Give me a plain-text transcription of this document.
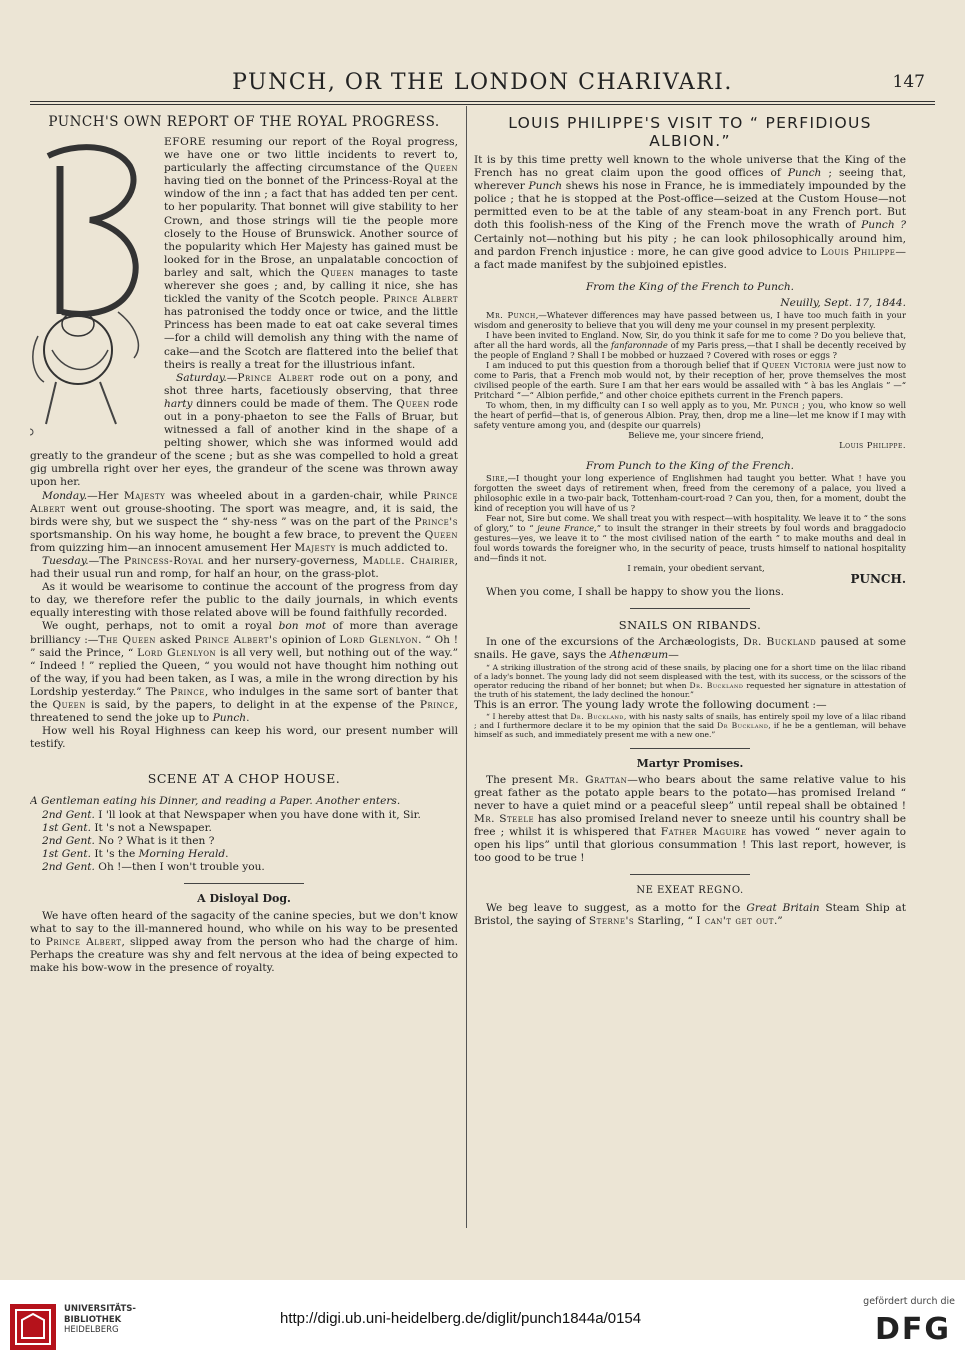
PUNCH, OR THE LONDON CHARIVARI.	147
PUNCH'S OWN REPORT OF THE ROYAL PROGRESS.

EFORE resuming our report of the Royal progress, we have one or two little incidents to revert to, particularly the affecting circumstance of the Queen having tied on the bonnet of the Princess-Royal at the window of the inn ; a fact that has added ten per cent. to her popularity. That bonnet will give stability to her Crown, and those strings will tie the people more closely to the House of Brunswick. Another source of the popularity which Her Majesty has gained must be looked for in the Brose, an unpalatable concoction of barley and salt, which the Queen manages to taste wherever she goes ; and, by calling it nice, she has tickled the vanity of the Scotch people. Prince Albert has patronised the toddy once or twice, and the little Princess has been made to eat oat cake several times—for a child will demolish any thing with the name of cake—and the Scotch are flattered into the belief that theirs is really a treat for the illustrious infant.

Saturday.—Prince Albert rode out on a pony, and shot three harts, facetiously observing, that three harty dinners could be made of them. The Queen rode out in a pony-phaeton to see the Falls of Bruar, but witnessed a fall of another kind in the shape of a pelting shower, which she was informed would add greatly to the grandeur of the scene ; but as she was compelled to hold a great gig umbrella right over her eyes, the grandeur of the scene was thrown away upon her.

Monday.—Her Majesty was wheeled about in a garden-chair, while Prince Albert went out grouse-shooting. The sport was meagre, and, it is said, the birds were shy, but we suspect the “ shy-ness ” was on the part of the Prince's sportsmanship. On his way home, he bought a few brace, to prevent the Queen from quizzing him—an innocent amusement Her Majesty is much addicted to.

Tuesday.—The Princess-Royal and her nursery-governess, Madlle. Chairier, had their usual run and romp, for half an hour, on the grass-plot.

As it would be wearisome to continue the account of the progress from day to day, we therefore refer the public to the daily journals, in which events equally interesting with those related above will be found faithfully recorded.

We ought, perhaps, not to omit a royal bon mot of more than average brilliancy :—The Queen asked Prince Albert's opinion of Lord Glenlyon. “ Oh ! ” said the Prince, “ Lord Glenlyon is all very well, but nothing out of the way.” “ Indeed ! ” replied the Queen, “ you would not have thought him nothing out of the way, if you had been taken, as I was, a mile in the wrong direction by his Lordship yesterday.” The Prince, who indulges in the same sort of banter that the Queen is said, by the papers, to delight in at the expense of the Prince, threatened to send the joke up to Punch.

How well his Royal Highness can keep his word, our present number will testify.

SCENE AT A CHOP HOUSE.

A Gentleman eating his Dinner, and reading a Paper. Another enters.

2nd Gent. I 'll look at that Newspaper when you have done with it, Sir.

1st Gent. It 's not a Newspaper.

2nd Gent. No ? What is it then ?

1st Gent. It 's the Morning Herald.

2nd Gent. Oh !—then I won't trouble you.

A Disloyal Dog.

We have often heard of the sagacity of the canine species, but we don't know what to say to the ill-mannered hound, who while on his way to be presented to Prince Albert, slipped away from the person who had the charge of him. Perhaps the creature was shy and felt nervous at the idea of being expected to make his bow-wow in the presence of royalty.

LOUIS PHILIPPE'S VISIT TO “ PERFIDIOUS ALBION.”

It is by this time pretty well known to the whole universe that the King of the French has no great claim upon the good offices of Punch ; seeing that, wherever Punch shews his nose in France, he is immediately impounded by the police ; that he is stopped at the Post-office—seized at the Custom House—not permitted even to be at the table of any steam-boat in any French port. But doth this foolish-ness of the King of the French move the wrath of Punch ? Certainly not—nothing but his pity ; he can look philosophically around him, and pardon French injustice : more, he can give good advice to Louis Philippe—a fact made manifest by the subjoined epistles.

From the King of the French to Punch.

Neuilly, Sept. 17, 1844.

Mr. Punch,—Whatever differences may have passed between us, I have too much faith in your wisdom and generosity to believe that you will deny me your counsel in my present perplexity.

I have been invited to England. Now, Sir, do you think it safe for me to come ? Do you believe that, after all the hard words, all the fanfaronnade of my Paris press,—that I shall be decently received by the people of England ? Shall I be mobbed or huzzaed ? Covered with roses or eggs ?

I am induced to put this question from a thorough belief that if Queen Victoria were just now to come to Paris, that a French mob would not, by their reception of her, prove themselves the most civilised people of the earth. Sure I am that her ears would be assailed with “ à bas les Anglais ” —“ Pritchard ”—“ Albion perfide,” and other choice epithets current in the French papers.

To whom, then, in my difficulty can I so well apply as to you, Mr. Punch ; you, who know so well the heart of perfid—that is, of generous Albion. Pray, then, drop me a line—let me know if I may with safety venture among you, and (despite our quarrels)

Believe me, your sincere friend,

Louis Philippe.

From Punch to the King of the French.

Sire,—I thought your long experience of Englishmen had taught you better. What ! have you forgotten the sweet days of retirement when, freed from the ceremony of a palace, you lived a philosophic exile in a two-pair back, Tottenham-court-road ? Can you, then, for a moment, doubt the kind of reception you will have of us ?

Fear not, Sire but come. We shall treat you with respect—with hospitality. We leave it to “ the sons of glory,” to “ jeune France,” to insult the stranger in their streets by foul words and braggadocio gestures—yes, we leave it to “ the most civilised nation of the earth ” to make mouths and deal in foul words towards the foreigner who, in the security of peace, trusts himself to national hospitality and—finds it not.

I remain, your obedient servant,

PUNCH.

When you come, I shall be happy to show you the lions.

SNAILS ON RIBANDS.

In one of the excursions of the Archæologists, Dr. Buckland paused at some snails. He gave, says the Athenæum—

“ A striking illustration of the strong acid of these snails, by placing one for a short time on the lilac riband of a lady's bonnet. The young lady did not seem displeased with the test, with its success, or the scissors of the operator reducing the riband of her bonnet; but when Dr. Buckland requested her signature in attestation of the truth of his statement, the lady declined the honour.”

This is an error. The young lady wrote the following document :—

“ I hereby attest that Dr. Buckland, with his nasty salts of snails, has entirely spoil my love of a lilac riband ; and I furthermore declare it to be my opinion that the said Dr Buckland, if he be a gentleman, will behave himself as such, and immediately present me with a new one.”

Martyr Promises.

The present Mr. Grattan—who bears about the same relative value to his great father as the potato apple bears to the potato—has promised Ireland “ never to have a quiet mind or a peaceful sleep” until repeal shall be obtained ! Mr. Steele has also promised Ireland never to sneeze until his country shall be free ; whilst it is whispered that Father Maguire has vowed “ never again to open his lips” until that glorious consummation ! This last report, however, is too good to be true !

NE EXEAT REGNO.

We beg leave to suggest, as a motto for the Great Britain Steam Ship at Bristol, the saying of Sterne's Starling, “ I can't get out.”

UNIVERSITÄTS-
BIBLIOTHEK
HEIDELBERG
http://digi.ub.uni-heidelberg.de/diglit/punch1844a/0154
gefördert durch die
DFG
